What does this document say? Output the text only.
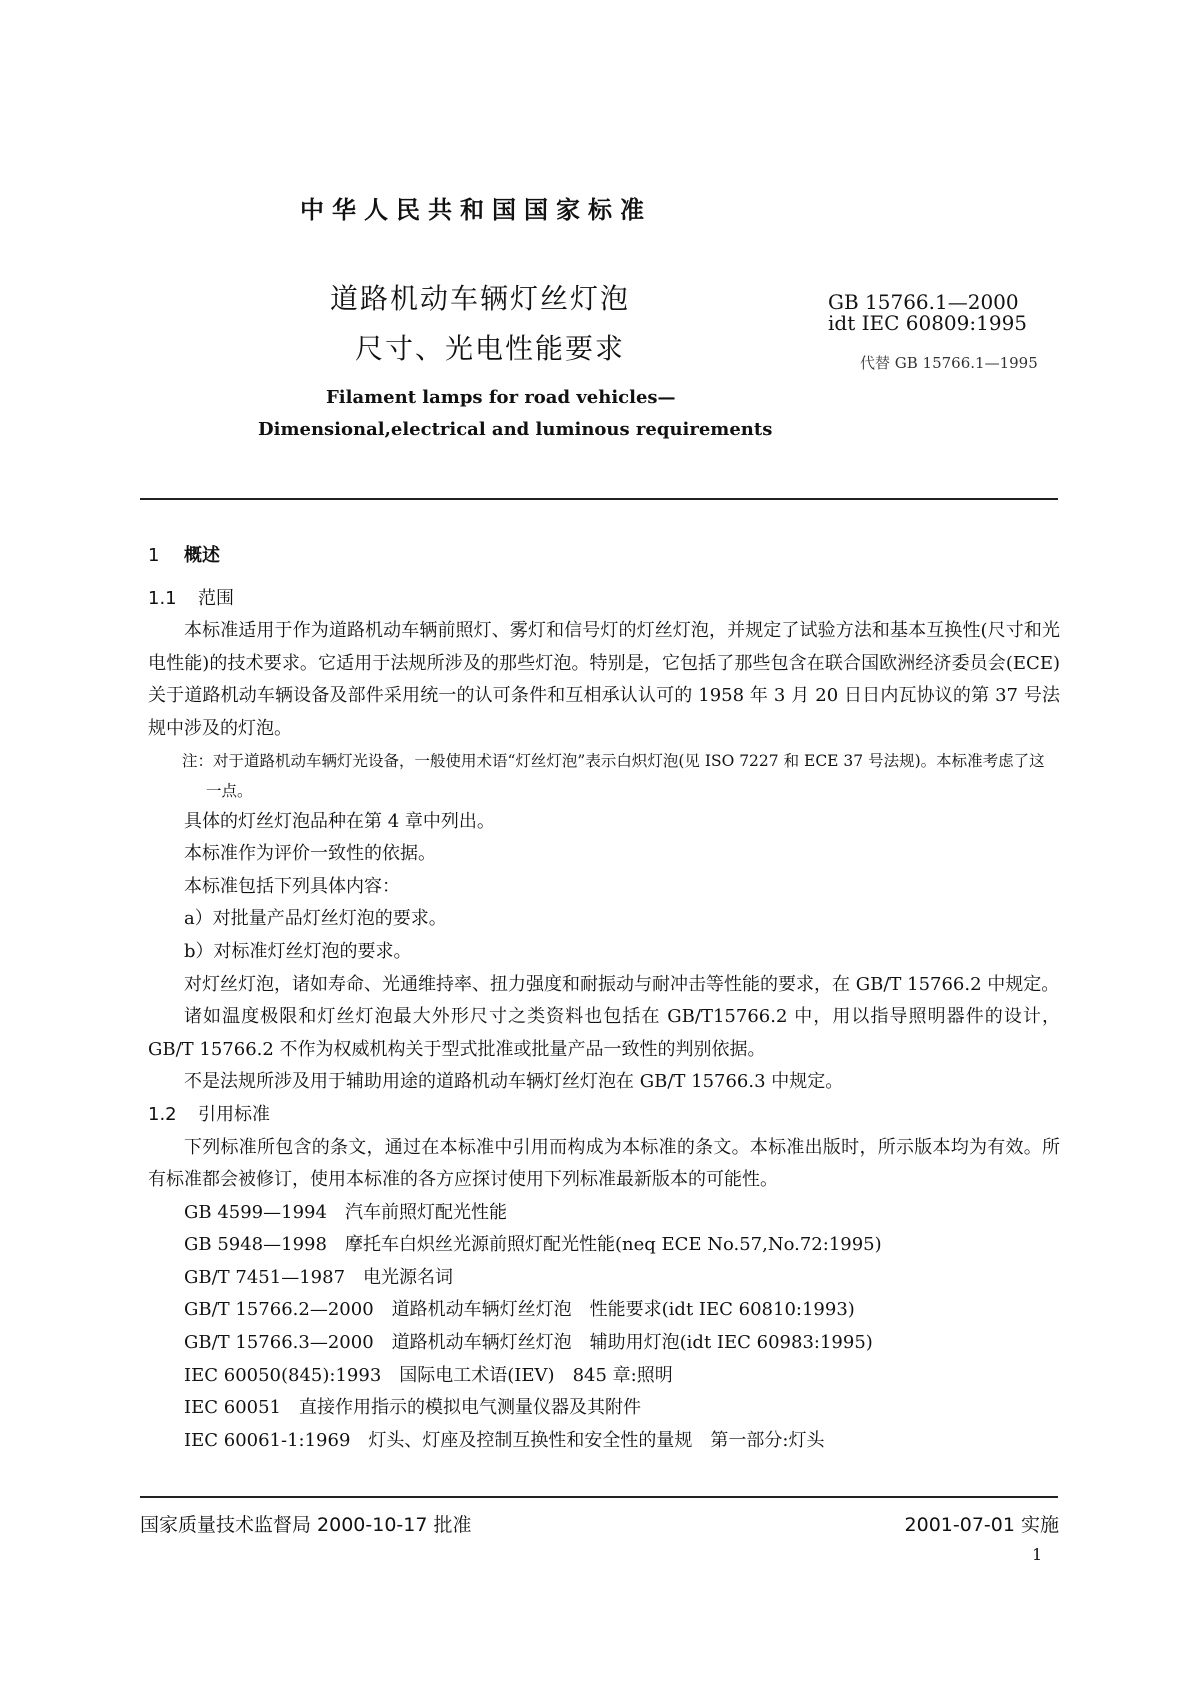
中华人民共和国国家标准
道路机动车辆灯丝灯泡
尺寸、光电性能要求
GB 15766.1—2000
idt IEC 60809:1995
代替 GB 15766.1—1995
Filament lamps for road vehicles—
Dimensional,electrical and luminous requirements
1 概述
1.1 范围
本标准适用于作为道路机动车辆前照灯、雾灯和信号灯的灯丝灯泡，并规定了试验方法和基本互换性(尺寸和光电性能)的技术要求。它适用于法规所涉及的那些灯泡。特别是，它包括了那些包含在联合国欧洲经济委员会(ECE)关于道路机动车辆设备及部件采用统一的认可条件和互相承认认可的 1958 年 3 月 20 日日内瓦协议的第 37 号法规中涉及的灯泡。
注：对于道路机动车辆灯光设备，一般使用术语“灯丝灯泡”表示白炽灯泡(见 ISO 7227 和 ECE 37 号法规)。本标准考虑了这一点。
具体的灯丝灯泡品种在第 4 章中列出。
本标准作为评价一致性的依据。
本标准包括下列具体内容：
a）对批量产品灯丝灯泡的要求。
b）对标准灯丝灯泡的要求。
对灯丝灯泡，诸如寿命、光通维持率、扭力强度和耐振动与耐冲击等性能的要求，在 GB/T 15766.2 中规定。
诸如温度极限和灯丝灯泡最大外形尺寸之类资料也包括在 GB/T15766.2 中，用以指导照明器件的设计，GB/T 15766.2 不作为权威机构关于型式批准或批量产品一致性的判别依据。
不是法规所涉及用于辅助用途的道路机动车辆灯丝灯泡在 GB/T 15766.3 中规定。
1.2 引用标准
下列标准所包含的条文，通过在本标准中引用而构成为本标准的条文。本标准出版时，所示版本均为有效。所有标准都会被修订，使用本标准的各方应探讨使用下列标准最新版本的可能性。
GB 4599—1994 汽车前照灯配光性能
GB 5948—1998 摩托车白炽丝光源前照灯配光性能(neq ECE No.57,No.72:1995)
GB/T 7451—1987 电光源名词
GB/T 15766.2—2000 道路机动车辆灯丝灯泡　性能要求(idt IEC 60810:1993)
GB/T 15766.3—2000 道路机动车辆灯丝灯泡　辅助用灯泡(idt IEC 60983:1995)
IEC 60050(845):1993 国际电工术语(IEV)　845 章:照明
IEC 60051 直接作用指示的模拟电气测量仪器及其附件
IEC 60061-1:1969 灯头、灯座及控制互换性和安全性的量规　第一部分:灯头
国家质量技术监督局 2000-10-17 批准	2001-07-01 实施
1
